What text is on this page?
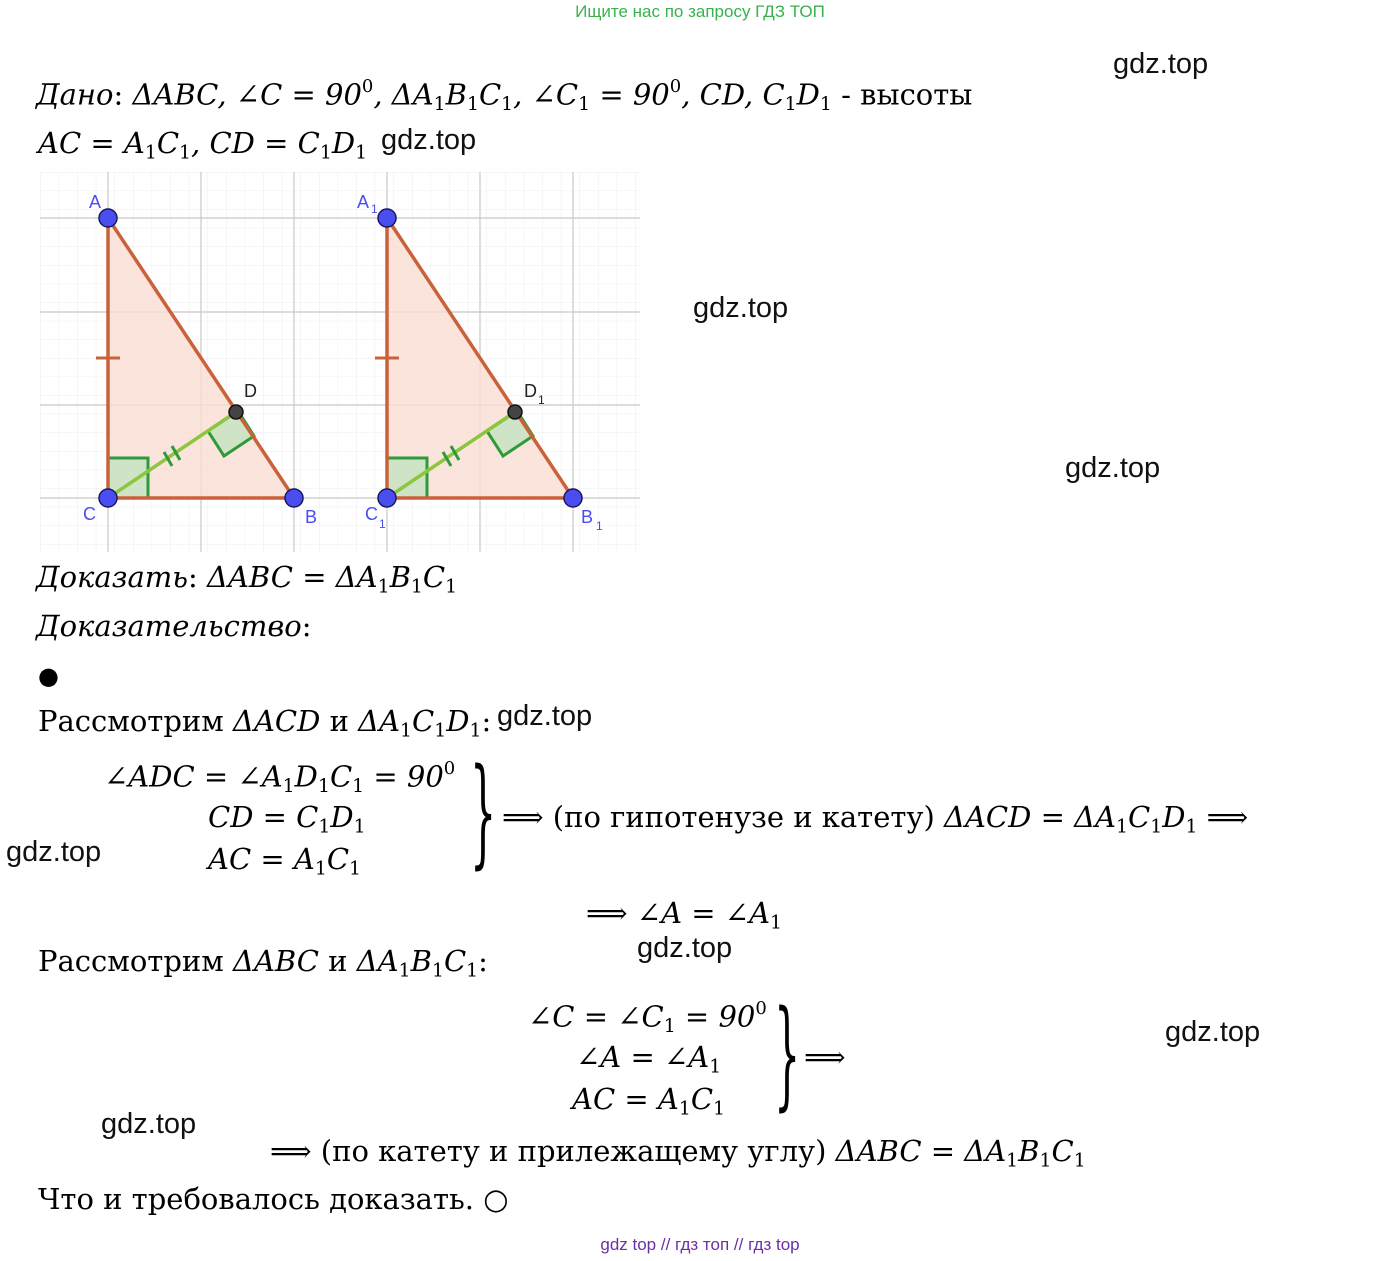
Ищите нас по запросу ГДЗ ТОП
gdz.top
gdz.top
gdz.top
gdz.top
gdz.top
gdz.top
gdz.top
gdz.top
gdz.top
Дано: ΔABC, ∠C = $90^0$, $\Delta A_1B_1C_1$, $\angle C_1 = 90^0$, CD, $C_1D_1$ - высоты
AC = $A_1C_1$, CD = $C_1D_1$
A
D
C	B
A 1
D 1
C 1	B 1
Доказать: $\Delta ABC = \Delta A_1B_1C_1$
Доказательство:
●
Рассмотрим ΔACD и $\Delta A_1C_1D_1$:
∠ADC = $\angle A_1D_1C_1 = 90^0$
CD = $C_1D_1$
AC = $A_1C_1$ } ⟹ (по гипотенузе и катету) $\Delta ACD = \Delta A_1C_1D_1$ ⟹
⟹ ∠A = $\angle A_1$
Рассмотрим ΔABC и $\Delta A_1B_1C_1$:
∠C = $\angle C_1 = 90^0$
∠A = $\angle A_1$
AC = $A_1C_1$ } ⟹
⟹ (по катету и прилежащему углу) $\Delta ABC = \Delta A_1B_1C_1$
Что и требовалось доказать. ○
gdz top // гдз топ // гдз top
